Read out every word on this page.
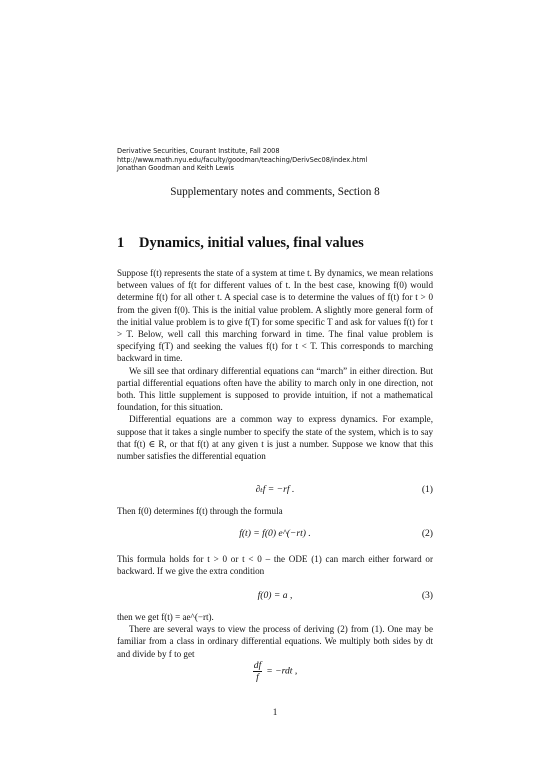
Derivative Securities, Courant Institute, Fall 2008
http://www.math.nyu.edu/faculty/goodman/teaching/DerivSec08/index.html
Jonathan Goodman and Keith Lewis
Supplementary notes and comments, Section 8
1 Dynamics, initial values, final values

Suppose f(t) represents the state of a system at time t. By dynamics, we mean relations between values of f(t for different values of t. In the best case, knowing f(0) would determine f(t) for all other t. A special case is to determine the values of f(t) for t > 0 from the given f(0). This is the initial value problem. A slightly more general form of the initial value problem is to give f(T) for some specific T and ask for values f(t) for t > T. Below, well call this marching forward in time. The final value problem is specifying f(T) and seeking the values f(t) for t < T. This corresponds to marching backward in time.

We sill see that ordinary differential equations can “march” in either direction. But partial differential equations often have the ability to march only in one direction, not both. This little supplement is supposed to provide intuition, if not a mathematical foundation, for this situation.

Differential equations are a common way to express dynamics. For example, suppose that it takes a single number to specify the state of the system, which is to say that f(t) ∈ R, or that f(t) at any given t is just a number. Suppose we know that this number satisfies the differential equation

∂ₜf = −rf .	(1)

Then f(0) determines f(t) through the formula

f(t) = f(0) e^(−rt) .	(2)

This formula holds for t > 0 or t < 0 – the ODE (1) can march either forward or backward. If we give the extra condition

f(0) = a ,	(3)

then we get f(t) = ae^(−rt).

There are several ways to view the process of deriving (2) from (1). One may be familiar from a class in ordinary differential equations. We multiply both sides by dt and divide by f to get

$\frac{df}{f} = -rdt$ ,
1
